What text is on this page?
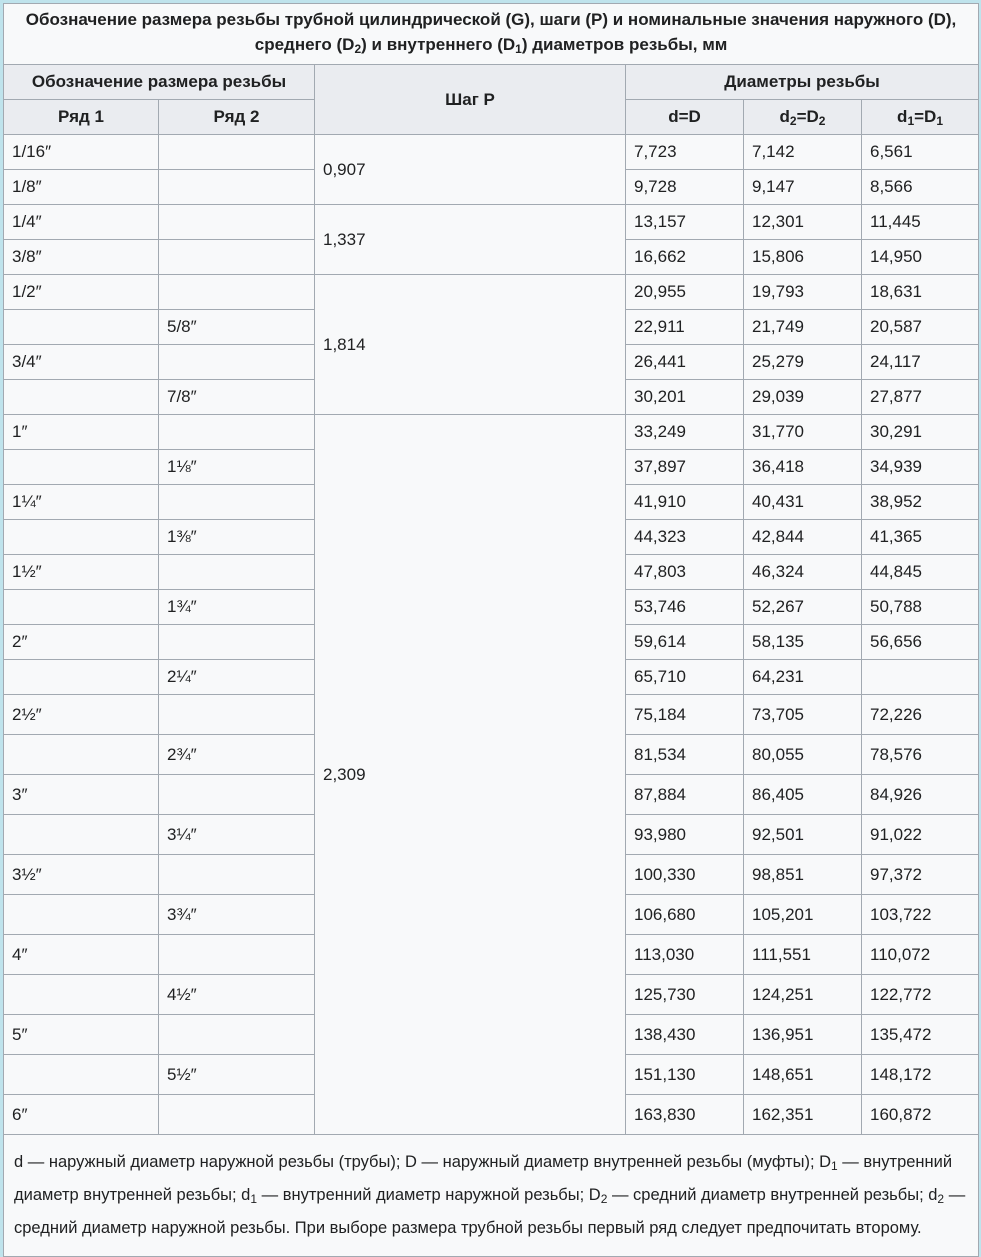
Обозначение размера резьбы трубной цилиндрической (G), шаги (P) и номинальные значения наружного (D),
среднего $(D_2)$ и внутреннего $(D_1)$ диаметров резьбы, мм					
Обозначение размера резьбы		Шаг P	Диаметры резьбы		
Ряд 1	Ряд 2		d=D	$d_2=D_2$	$d_1=D_1$
1/16″		0,907	7,723	7,142	6,561
1/8″			9,728	9,147	8,566
1/4″		1,337	13,157	12,301	11,445
3/8″			16,662	15,806	14,950
1/2″		1,814	20,955	19,793	18,631
	5/8″		22,911	21,749	20,587
3/4″			26,441	25,279	24,117
	7/8″		30,201	29,039	27,877
1″		2,309	33,249	31,770	30,291
	1⅛″		37,897	36,418	34,939
1¼″			41,910	40,431	38,952
	1⅜″		44,323	42,844	41,365
1½″			47,803	46,324	44,845
	1¾″		53,746	52,267	50,788
2″			59,614	58,135	56,656
	2¼″		65,710	64,231	
2½″			75,184	73,705	72,226
	2¾″		81,534	80,055	78,576
3″			87,884	86,405	84,926
	3¼″		93,980	92,501	91,022
3½″			100,330	98,851	97,372
	3¾″		106,680	105,201	103,722
4″			113,030	111,551	110,072
	4½″		125,730	124,251	122,772
5″			138,430	136,951	135,472
	5½″		151,130	148,651	148,172
6″			163,830	162,351	160,872
d — наружный диаметр наружной резьбы (трубы); D — наружный диаметр внутренней резьбы (муфты); $D_1$ — внутренний диаметр внутренней резьбы; $d_1$ — внутренний диаметр наружной резьбы; $D_2$ — средний диаметр внутренней резьбы; $d_2$ — средний диаметр наружной резьбы. При выборе размера трубной резьбы первый ряд следует предпочитать второму.					
